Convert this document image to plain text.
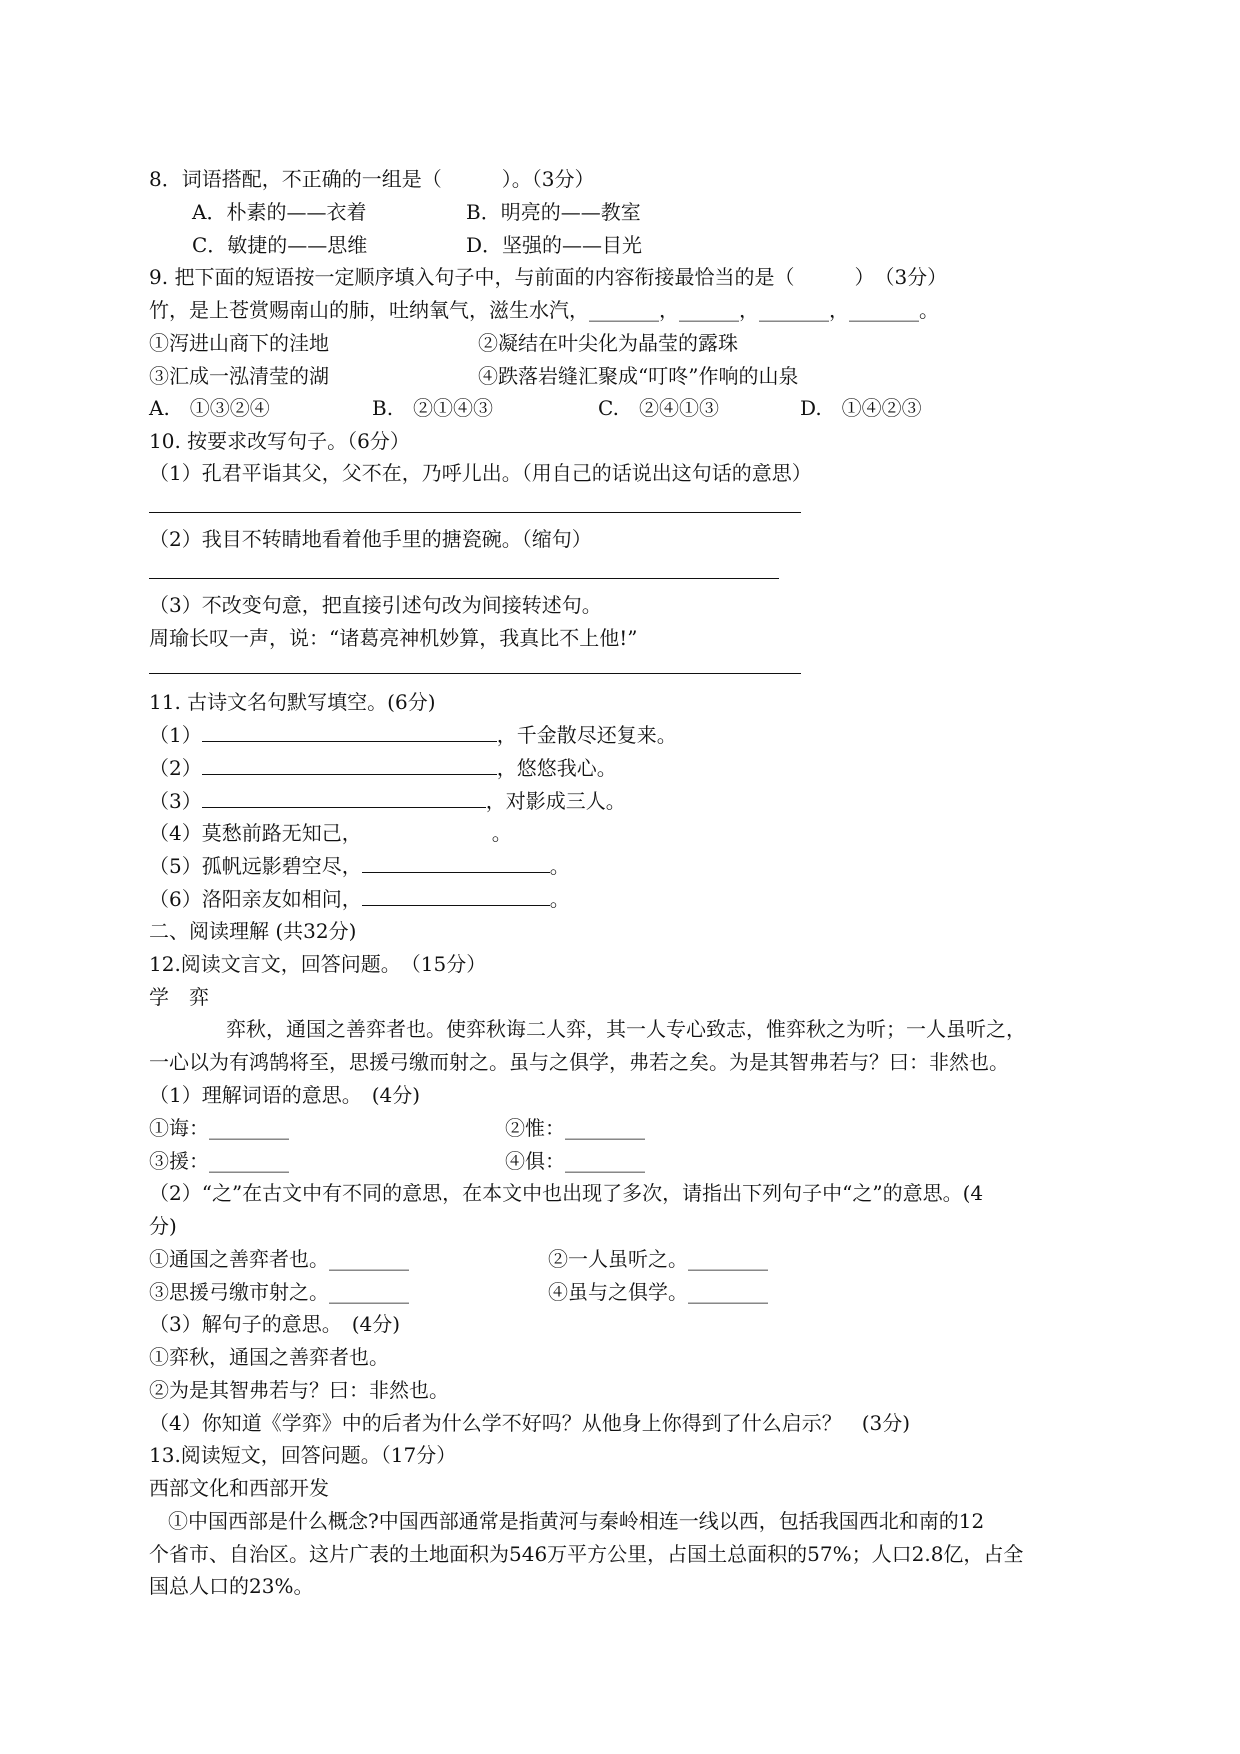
8．词语搭配，不正确的一组是（　　　）。（3分）
A．朴素的——衣着	B．明亮的——教室
C．敏捷的——思维	D．坚强的——目光
9. 把下面的短语按一定顺序填入句子中，与前面的内容衔接最恰当的是（　　　）　（3分）
竹，是上苍赏赐南山的肺，吐纳氧气，滋生水汽，_______，______，_______，_______。
①泻进山商下的洼地	②凝结在叶尖化为晶莹的露珠
③汇成一泓清莹的湖	④跌落岩缝汇聚成“叮咚”作响的山泉
A.　①③②④	B.　②①④③	C.　②④①③	D.　①④②③
10. 按要求改写句子。（6分）
（1）孔君平诣其父，父不在，乃呼儿出。（用自己的话说出这句话的意思）
（2）我目不转睛地看着他手里的搪瓷碗。（缩句）
（3）不改变句意，把直接引述句改为间接转述句。
周瑜长叹一声，说：“诸葛亮神机妙算，我真比不上他!”
11. 古诗文名句默写填空。(6分)
（1）	，千金散尽还复来。
（2）	，悠悠我心。
（3）	，对影成三人。
（4）莫愁前路无知己，　　　　　　　。
（5）孤帆远影碧空尽，	。
（6）洛阳亲友如相问，	。
二、阅读理解 (共32分)
12.阅读文言文，回答问题。　（15分）
学　弈
弈秋，通国之善弈者也。使弈秋诲二人弈，其一人专心致志，惟弈秋之为听；一人虽听之，
一心以为有鸿鹄将至，思援弓缴而射之。虽与之俱学，弗若之矣。为是其智弗若与？曰：非然也。
（1）理解词语的意思。　(4分)
①诲：________	②惟：________
③援：________	④俱：________
（2）“之”在古文中有不同的意思，在本文中也出现了多次，请指出下列句子中“之”的意思。(4
分)
①通国之善弈者也。________	②一人虽听之。________
③思援弓缴市射之。________	④虽与之俱学。________
（3）解句子的意思。　(4分)
①弈秋，通国之善弈者也。
②为是其智弗若与？曰：非然也。
（4）你知道《学弈》中的后者为什么学不好吗？从他身上你得到了什么启示？　(3分)
13.阅读短文，回答问题。（17分）
西部文化和西部开发
①中国西部是什么概念?中国西部通常是指黄河与秦岭相连一线以西，包括我国西北和南的12
个省市、自治区。这片广表的土地面积为546万平方公里，占国土总面积的57%；人口2.8亿，占全
国总人口的23%。
